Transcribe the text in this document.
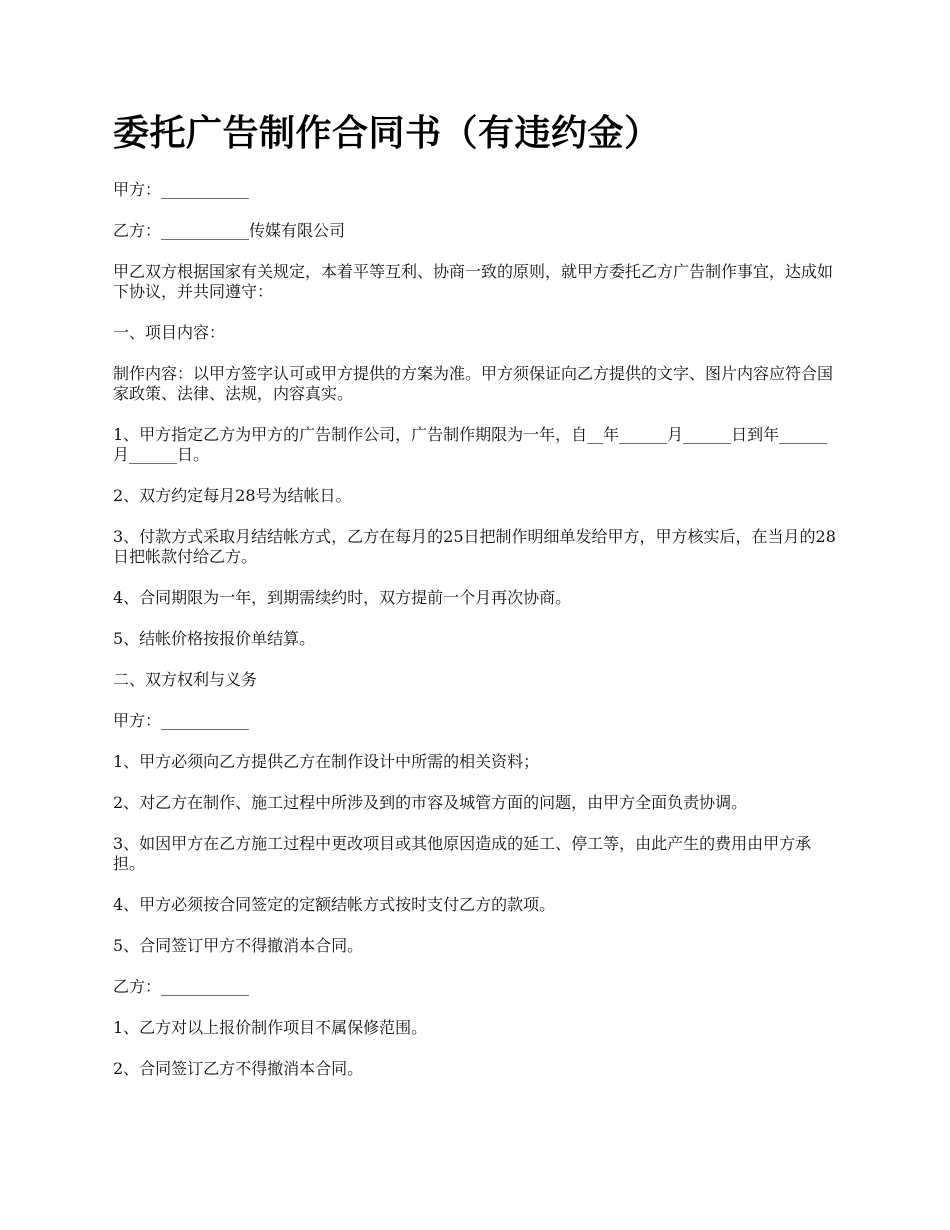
委托广告制作合同书（有违约金）

甲方：___________

乙方：___________传媒有限公司

甲乙双方根据国家有关规定，本着平等互利、协商一致的原则，就甲方委托乙方广告制作事宜，达成如下协议，并共同遵守：

一、项目内容：

制作内容：以甲方签字认可或甲方提供的方案为准。甲方须保证向乙方提供的文字、图片内容应符合国家政策、法律、法规，内容真实。

1、甲方指定乙方为甲方的广告制作公司，广告制作期限为一年，自__年______月______日到年______月______日。

2、双方约定每月28号为结帐日。

3、付款方式采取月结结帐方式，乙方在每月的25日把制作明细单发给甲方，甲方核实后，在当月的28日把帐款付给乙方。

4、合同期限为一年，到期需续约时，双方提前一个月再次协商。

5、结帐价格按报价单结算。

二、双方权利与义务

甲方：___________

1、甲方必须向乙方提供乙方在制作设计中所需的相关资料；

2、对乙方在制作、施工过程中所涉及到的市容及城管方面的问题，由甲方全面负责协调。

3、如因甲方在乙方施工过程中更改项目或其他原因造成的延工、停工等，由此产生的费用由甲方承担。

4、甲方必须按合同签定的定额结帐方式按时支付乙方的款项。

5、合同签订甲方不得撤消本合同。

乙方：___________

1、乙方对以上报价制作项目不属保修范围。

2、合同签订乙方不得撤消本合同。
